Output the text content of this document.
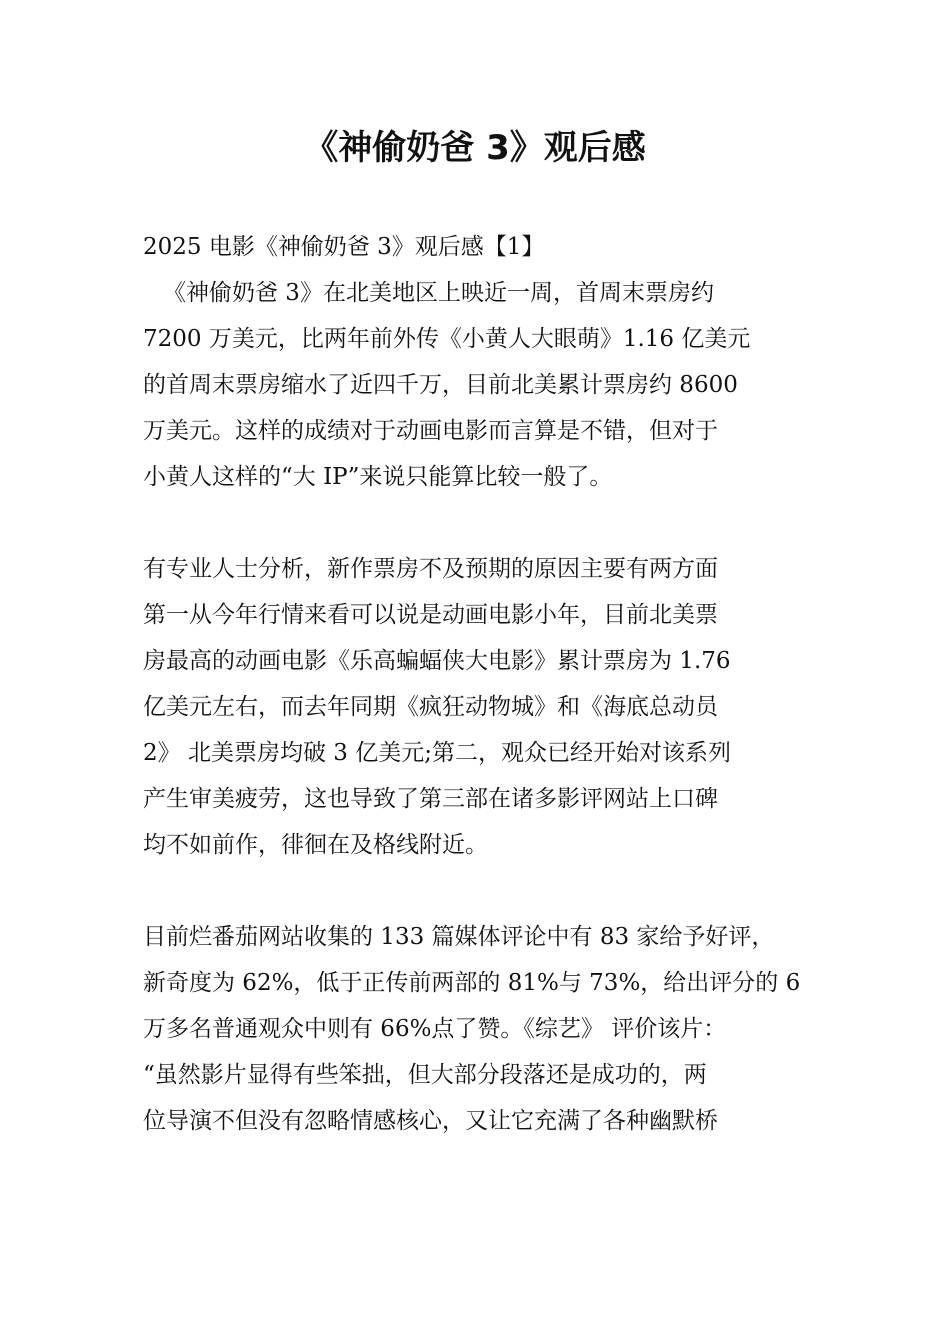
《神偷奶爸 3》观后感

2025 电影《神偷奶爸 3》观后感【1】

《神偷奶爸 3》在北美地区上映近一周，首周末票房约
7200 万美元，比两年前外传《小黄人大眼萌》1.16 亿美元
的首周末票房缩水了近四千万，目前北美累计票房约 8600
万美元。这样的成绩对于动画电影而言算是不错，但对于
小黄人这样的“大 IP”来说只能算比较一般了。

有专业人士分析，新作票房不及预期的原因主要有两方面
第一从今年行情来看可以说是动画电影小年，目前北美票
房最高的动画电影《乐高蝙蝠侠大电影》累计票房为 1.76
亿美元左右，而去年同期《疯狂动物城》和《海底总动员
2》 北美票房均破 3 亿美元;第二，观众已经开始对该系列
产生审美疲劳，这也导致了第三部在诸多影评网站上口碑
均不如前作，徘徊在及格线附近。

目前烂番茄网站收集的 133 篇媒体评论中有 83 家给予好评，
新奇度为 62%，低于正传前两部的 81%与 73%，给出评分的 6
万多名普通观众中则有 66%点了赞。《综艺》 评价该片：
“虽然影片显得有些笨拙，但大部分段落还是成功的，两
位导演不但没有忽略情感核心，又让它充满了各种幽默桥
